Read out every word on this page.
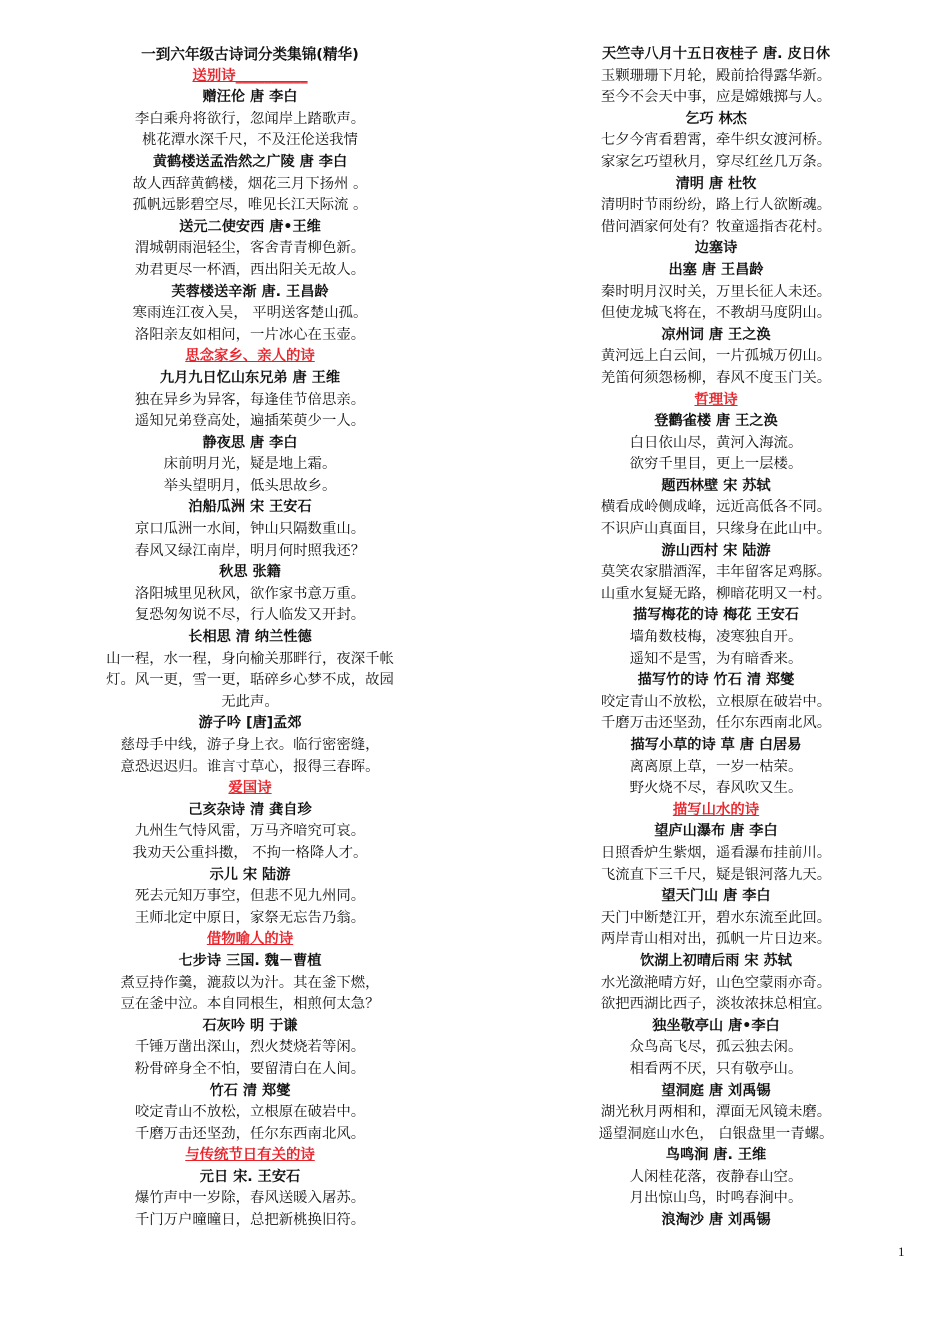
一到六年级古诗词分类集锦(精华)
送别诗__________
赠汪伦 唐 李白
李白乘舟将欲行，忽闻岸上踏歌声。
桃花潭水深千尺，不及汪伦送我情
黄鹤楼送孟浩然之广陵 唐 李白
故人西辞黄鹤楼，烟花三月下扬州 。
孤帆远影碧空尽，唯见长江天际流 。
送元二使安西 唐•王维
渭城朝雨浥轻尘，客舍青青柳色新。
劝君更尽一杯酒，西出阳关无故人。
芙蓉楼送辛渐 唐. 王昌龄
寒雨连江夜入吴， 平明送客楚山孤。
洛阳亲友如相问，一片冰心在玉壶。
思念家乡、亲人的诗
九月九日忆山东兄弟 唐 王维
独在异乡为异客，每逢佳节倍思亲。
遥知兄弟登高处，遍插茱萸少一人。
静夜思 唐 李白
床前明月光，疑是地上霜。
举头望明月，低头思故乡。
泊船瓜洲 宋 王安石
京口瓜洲一水间，钟山只隔数重山。
春风又绿江南岸，明月何时照我还？
秋思 张籍
洛阳城里见秋风，欲作家书意万重。
复恐匆匆说不尽，行人临发又开封。
长相思 清 纳兰性德
山一程，水一程，身向榆关那畔行，夜深千帐
灯。风一更，雪一更，聒碎乡心梦不成，故园
无此声。
游子吟 [唐]孟郊
慈母手中线，游子身上衣。临行密密缝，
意恐迟迟归。谁言寸草心，报得三春晖。
爱国诗
己亥杂诗 清 龚自珍
九州生气恃风雷，万马齐喑究可哀。
我劝天公重抖擞， 不拘一格降人才。
示儿 宋 陆游
死去元知万事空，但悲不见九州同。
王师北定中原日，家祭无忘告乃翁。
借物喻人的诗
七步诗 三国. 魏－曹植
煮豆持作羹，漉菽以为汁。其在釜下燃，
豆在釜中泣。本自同根生，相煎何太急？
石灰吟 明 于谦
千锤万凿出深山，烈火焚烧若等闲。
粉骨碎身全不怕，要留清白在人间。
竹石 清 郑燮
咬定青山不放松，立根原在破岩中。
千磨万击还坚劲，任尔东西南北风。
与传统节日有关的诗
元日 宋. 王安石
爆竹声中一岁除，春风送暖入屠苏。
千门万户曈曈日，总把新桃换旧符。
天竺寺八月十五日夜桂子 唐. 皮日休
玉颗珊珊下月轮，殿前拾得露华新。
至今不会天中事，应是嫦娥掷与人。
乞巧 林杰
七夕今宵看碧霄，牵牛织女渡河桥。
家家乞巧望秋月，穿尽红丝几万条。
清明 唐 杜牧
清明时节雨纷纷，路上行人欲断魂。
借问酒家何处有？牧童遥指杏花村。
边塞诗
出塞 唐 王昌龄
秦时明月汉时关，万里长征人未还。
但使龙城飞将在，不教胡马度阴山。
凉州词 唐 王之涣
黄河远上白云间，一片孤城万仞山。
羌笛何须怨杨柳，春风不度玉门关。
哲理诗
登鹳雀楼 唐 王之涣
白日依山尽，黄河入海流。
欲穷千里目，更上一层楼。
题西林壁 宋 苏轼
横看成岭侧成峰，远近高低各不同。
不识庐山真面目，只缘身在此山中。
游山西村 宋 陆游
莫笑农家腊酒浑，丰年留客足鸡豚。
山重水复疑无路，柳暗花明又一村。
描写梅花的诗 梅花 王安石
墙角数枝梅，凌寒独自开。
遥知不是雪，为有暗香来。
描写竹的诗 竹石 清 郑燮
咬定青山不放松，立根原在破岩中。
千磨万击还坚劲，任尔东西南北风。
描写小草的诗 草 唐 白居易
离离原上草，一岁一枯荣。
野火烧不尽，春风吹又生。
描写山水的诗
望庐山瀑布 唐 李白
日照香炉生紫烟，遥看瀑布挂前川。
飞流直下三千尺，疑是银河落九天。
望天门山 唐 李白
天门中断楚江开，碧水东流至此回。
两岸青山相对出，孤帆一片日边来。
饮湖上初晴后雨 宋 苏轼
水光潋滟晴方好，山色空蒙雨亦奇。
欲把西湖比西子，淡妆浓抹总相宜。
独坐敬亭山 唐•李白
众鸟高飞尽，孤云独去闲。
相看两不厌，只有敬亭山。
望洞庭 唐 刘禹锡
湖光秋月两相和，潭面无风镜未磨。
遥望洞庭山水色， 白银盘里一青螺。
鸟鸣涧 唐. 王维
人闲桂花落，夜静春山空。
月出惊山鸟，时鸣春涧中。
浪淘沙 唐 刘禹锡
1
